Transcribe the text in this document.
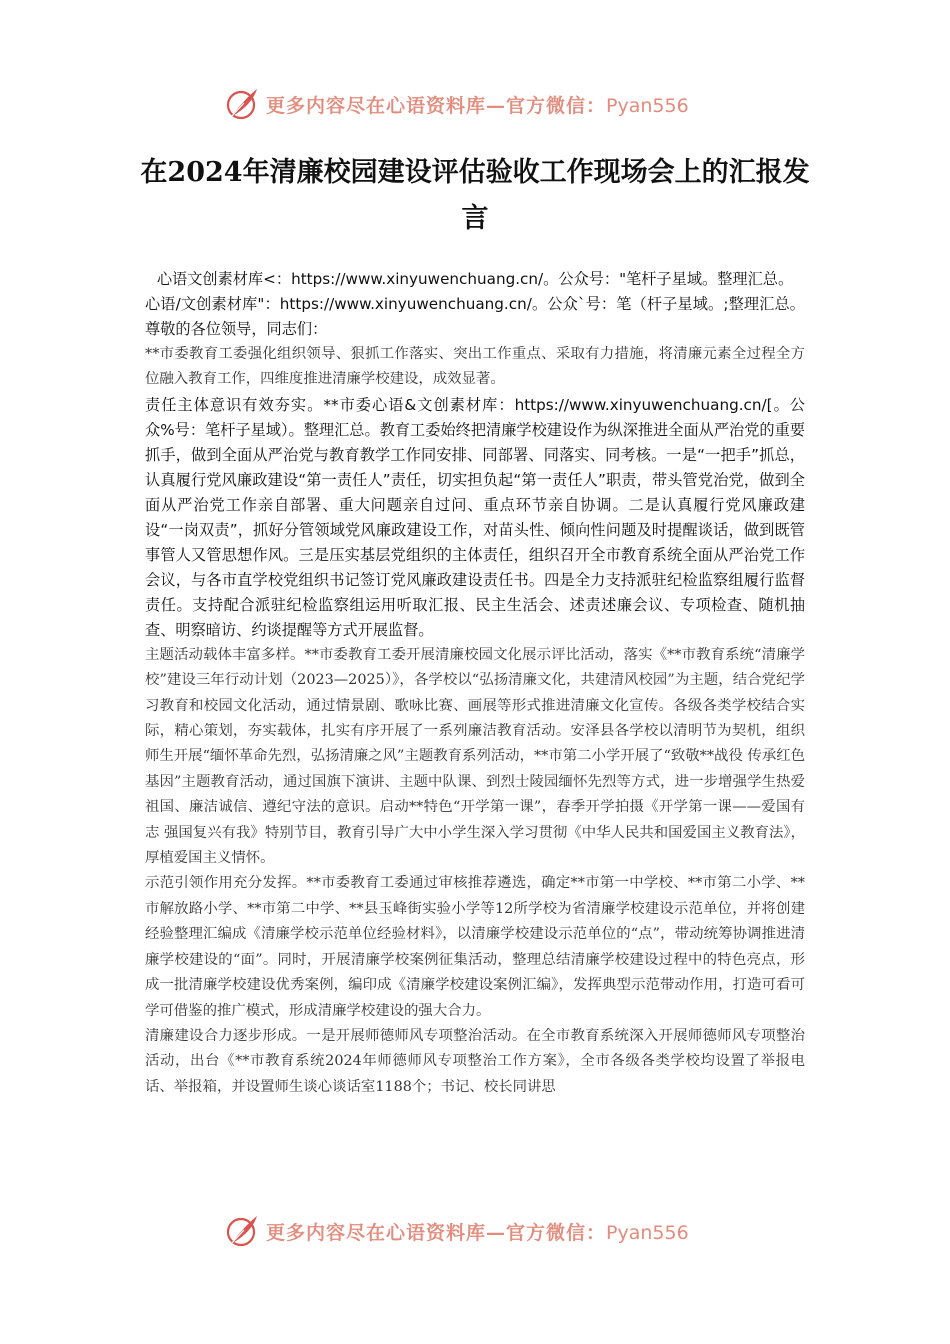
更多内容尽在心语资料库—官方微信：Pyan556
在2024年清廉校园建设评估验收工作现场会上的汇报发言

心语文创素材库<：https://www.xinyuwenchuang.cn/。公众号："笔杆子星域。整理汇总。

心语/文创素材库"：https://www.xinyuwenchuang.cn/。公众`号：笔（杆子星域。;整理汇总。尊敬的各位领导，同志们：

**市委教育工委强化组织领导、狠抓工作落实、突出工作重点、采取有力措施，将清廉元素全过程全方位融入教育工作，四维度推进清廉学校建设，成效显著。

责任主体意识有效夯实。**市委心语&文创素材库：https://www.xinyuwenchuang.cn/[。公众%号：笔杆子星域）。整理汇总。教育工委始终把清廉学校建设作为纵深推进全面从严治党的重要抓手，做到全面从严治党与教育教学工作同安排、同部署、同落实、同考核。一是“一把手”抓总，认真履行党风廉政建设“第一责任人”责任，切实担负起“第一责任人”职责，带头管党治党，做到全面从严治党工作亲自部署、重大问题亲自过问、重点环节亲自协调。二是认真履行党风廉政建设“一岗双责”，抓好分管领域党风廉政建设工作，对苗头性、倾向性问题及时提醒谈话，做到既管事管人又管思想作风。三是压实基层党组织的主体责任，组织召开全市教育系统全面从严治党工作会议，与各市直学校党组织书记签订党风廉政建设责任书。四是全力支持派驻纪检监察组履行监督责任。支持配合派驻纪检监察组运用听取汇报、民主生活会、述责述廉会议、专项检查、随机抽查、明察暗访、约谈提醒等方式开展监督。

主题活动载体丰富多样。**市委教育工委开展清廉校园文化展示评比活动，落实《**市教育系统“清廉学校”建设三年行动计划（2023—2025）》，各学校以“弘扬清廉文化，共建清风校园”为主题，结合党纪学习教育和校园文化活动，通过情景剧、歌咏比赛、画展等形式推进清廉文化宣传。各级各类学校结合实际，精心策划，夯实载体，扎实有序开展了一系列廉洁教育活动。安泽县各学校以清明节为契机，组织师生开展“缅怀革命先烈，弘扬清廉之风”主题教育系列活动，**市第二小学开展了“致敬**战役 传承红色基因”主题教育活动，通过国旗下演讲、主题中队课、到烈士陵园缅怀先烈等方式，进一步增强学生热爱祖国、廉洁诚信、遵纪守法的意识。启动**特色“开学第一课”，春季开学拍摄《开学第一课——爱国有志 强国复兴有我》特别节目，教育引导广大中小学生深入学习贯彻《中华人民共和国爱国主义教育法》，厚植爱国主义情怀。

示范引领作用充分发挥。**市委教育工委通过审核推荐遴选，确定**市第一中学校、**市第二小学、**市解放路小学、**市第二中学、**县玉峰街实验小学等12所学校为省清廉学校建设示范单位，并将创建经验整理汇编成《清廉学校示范单位经验材料》，以清廉学校建设示范单位的“点”，带动统筹协调推进清廉学校建设的“面”。同时，开展清廉学校案例征集活动，整理总结清廉学校建设过程中的特色亮点，形成一批清廉学校建设优秀案例，编印成《清廉学校建设案例汇编》，发挥典型示范带动作用，打造可看可学可借鉴的推广模式，形成清廉学校建设的强大合力。

清廉建设合力逐步形成。一是开展师德师风专项整治活动。在全市教育系统深入开展师德师风专项整治活动，出台《**市教育系统2024年师德师风专项整治工作方案》，全市各级各类学校均设置了举报电话、举报箱，并设置师生谈心谈话室1188个；书记、校长同讲思

更多内容尽在心语资料库—官方微信：Pyan556
